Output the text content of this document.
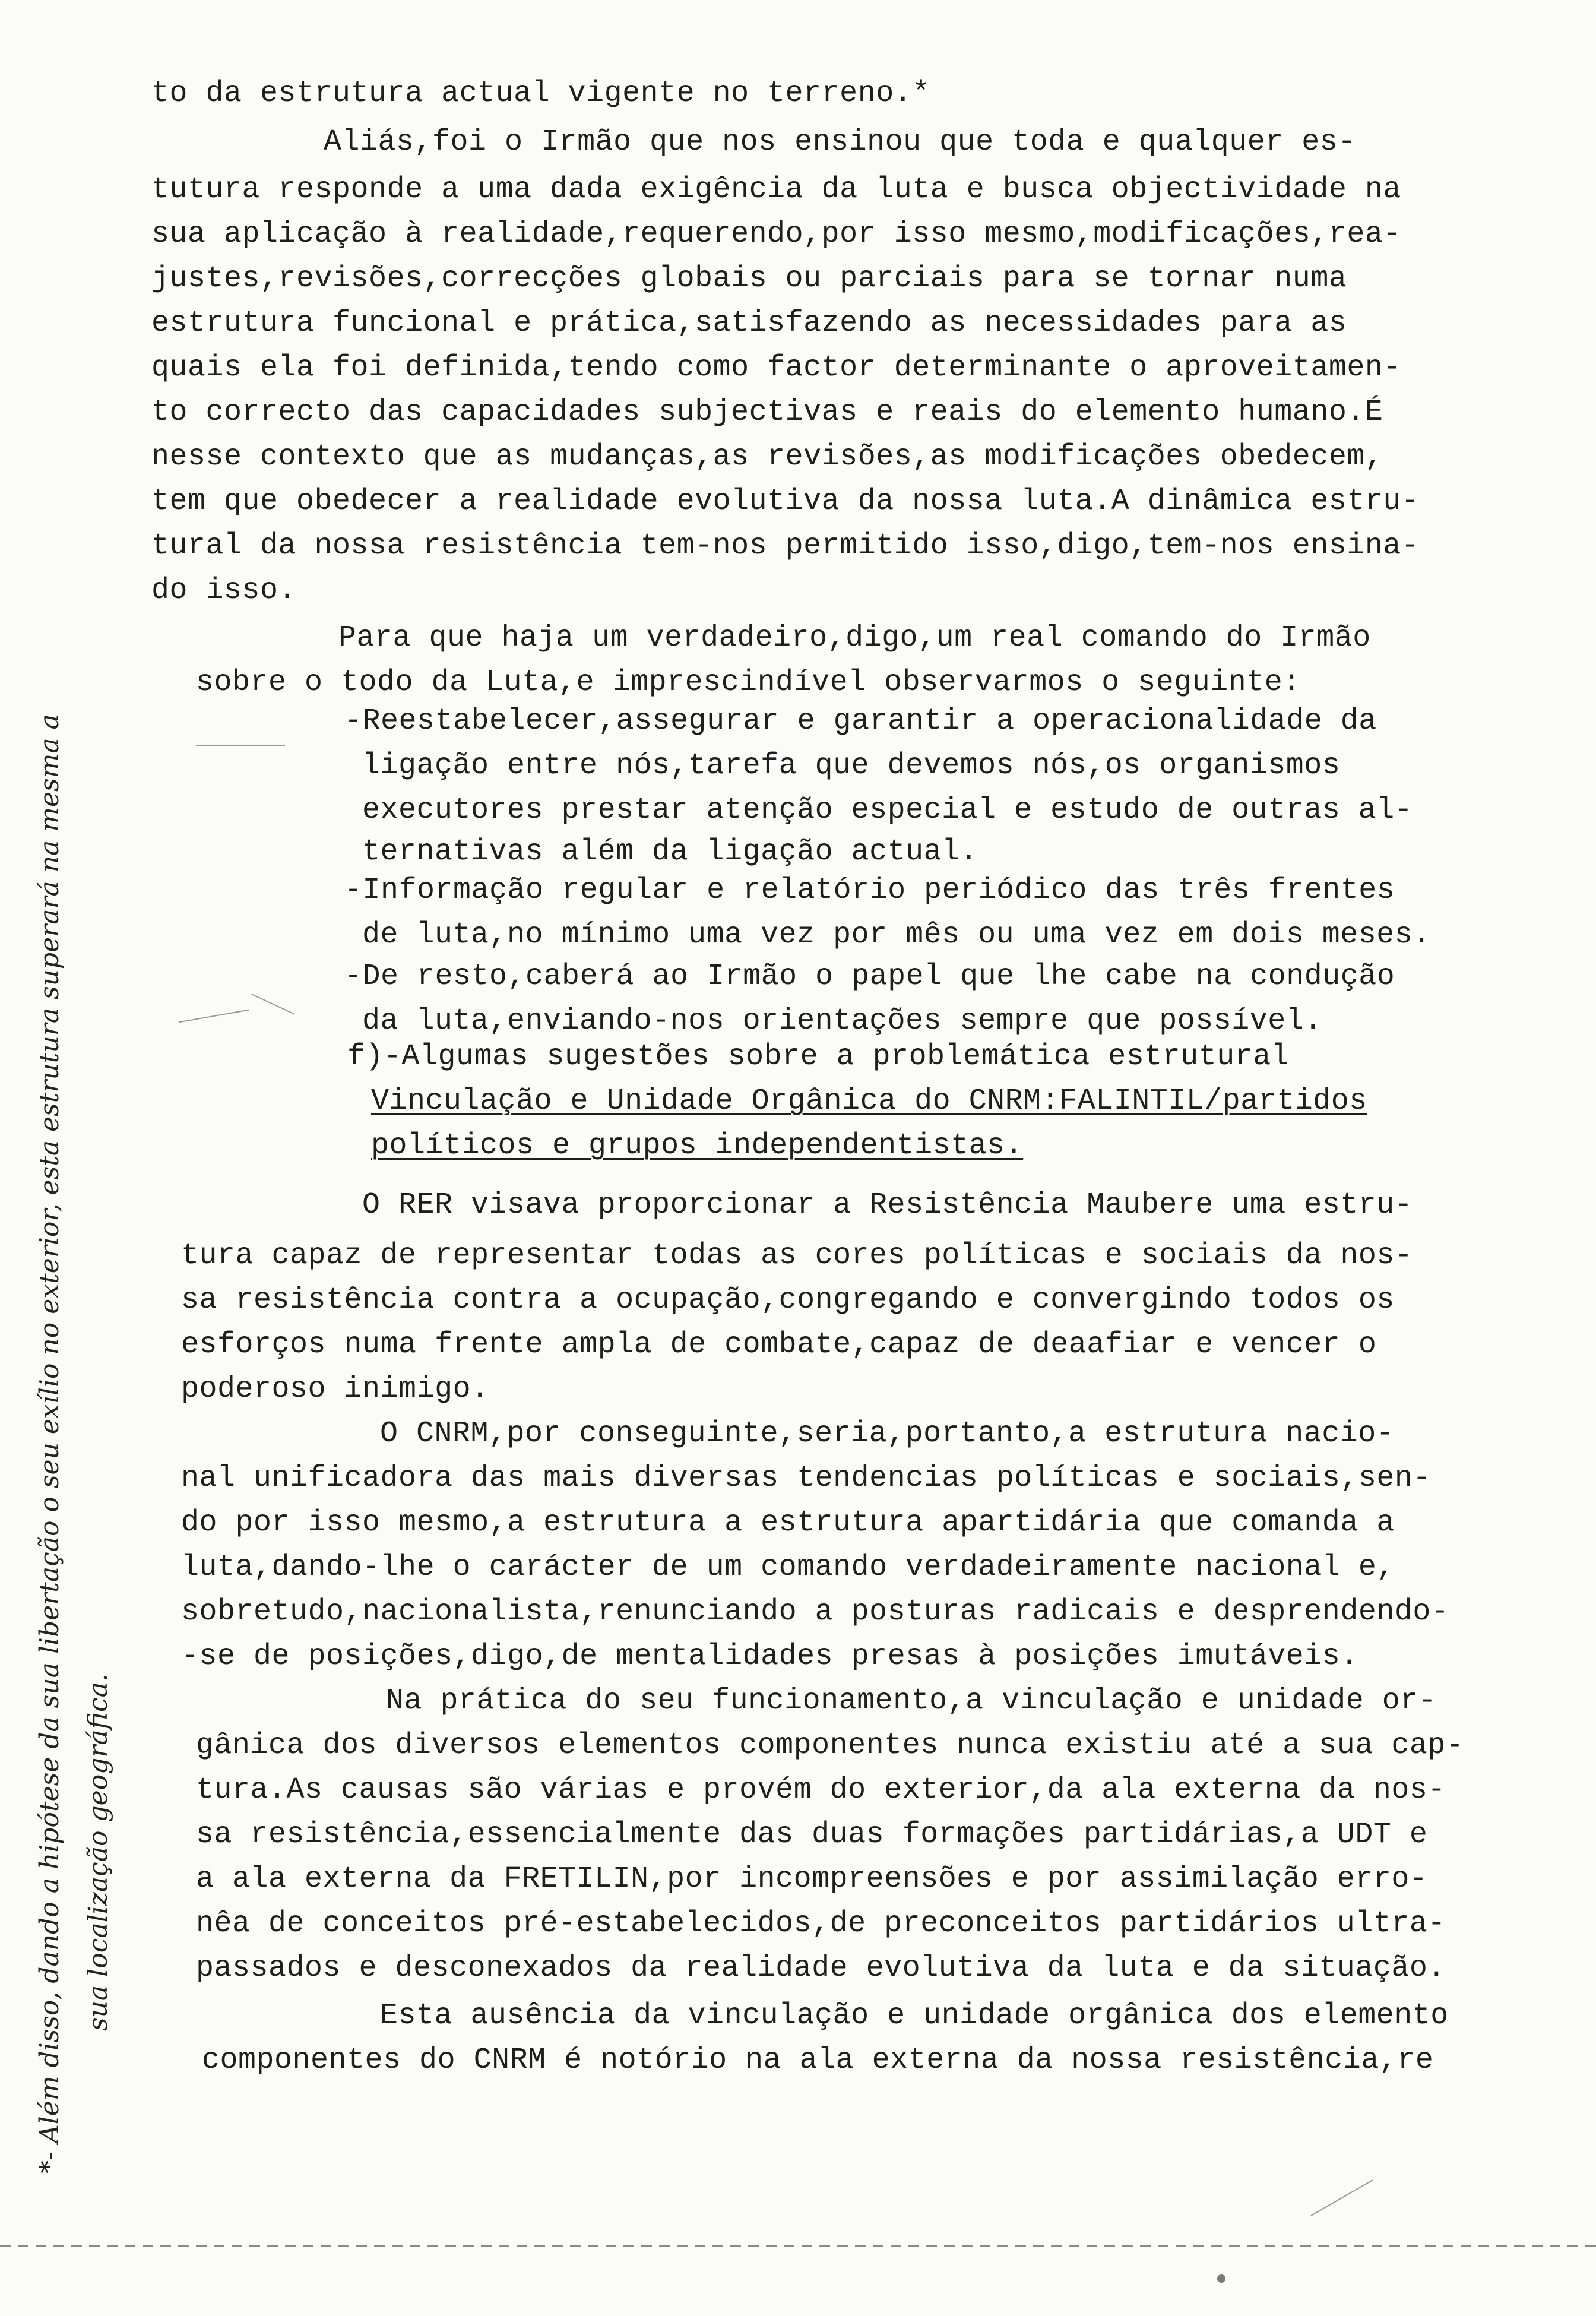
*- Além disso, dando a hipótese da sua libertação o seu exílio no exterior, esta estrutura superará na mesma a sua localização geográfica.
to da estrutura actual vigente no terreno.*
Aliás,foi o Irmão que nos ensinou que toda e qualquer es-
tutura responde a uma dada exigência da luta e busca objectividade na
sua aplicação à realidade,requerendo,por isso mesmo,modificações,rea-
justes,revisões,correcções globais ou parciais para se tornar numa
estrutura funcional e prática,satisfazendo as necessidades para as
quais ela foi definida,tendo como factor determinante o aproveitamen-
to correcto das capacidades subjectivas e reais do elemento humano.É
nesse contexto que as mudanças,as revisões,as modificações obedecem,
tem que obedecer a realidade evolutiva da nossa luta.A dinâmica estru-
tural da nossa resistência tem-nos permitido isso,digo,tem-nos ensina-
do isso.
Para que haja um verdadeiro,digo,um real comando do Irmão
sobre o todo da Luta,e imprescindível observarmos o seguinte:
-Reestabelecer,assegurar e garantir a operacionalidade da
ligação entre nós,tarefa que devemos nós,os organismos
executores prestar atenção especial e estudo de outras al-
ternativas além da ligação actual.
-Informação regular e relatório periódico das três frentes
de luta,no mínimo uma vez por mês ou uma vez em dois meses.
-De resto,caberá ao Irmão o papel que lhe cabe na condução
da luta,enviando-nos orientações sempre que possível.
f)-Algumas sugestões sobre a problemática estrutural
Vinculação e Unidade Orgânica do CNRM:FALINTIL/partidos
políticos e grupos independentistas.
O RER visava proporcionar a Resistência Maubere uma estru-
tura capaz de representar todas as cores políticas e sociais da nos-
sa resistência contra a ocupação,congregando e convergindo todos os
esforços numa frente ampla de combate,capaz de deaafiar e vencer o
poderoso inimigo.
O CNRM,por conseguinte,seria,portanto,a estrutura nacio-
nal unificadora das mais diversas tendencias políticas e sociais,sen-
do por isso mesmo,a estrutura a estrutura apartidária que comanda a
luta,dando-lhe o carácter de um comando verdadeiramente nacional e,
sobretudo,nacionalista,renunciando a posturas radicais e desprendendo-
-se de posições,digo,de mentalidades presas à posições imutáveis.
Na prática do seu funcionamento,a vinculação e unidade or-
gânica dos diversos elementos componentes nunca existiu até a sua cap-
tura.As causas são várias e provém do exterior,da ala externa da nos-
sa resistência,essencialmente das duas formações partidárias,a UDT e
a ala externa da FRETILIN,por incompreensões e por assimilação erro-
nêa de conceitos pré-estabelecidos,de preconceitos partidários ultra-
passados e desconexados da realidade evolutiva da luta e da situação.
Esta ausência da vinculação e unidade orgânica dos elemento
componentes do CNRM é notório na ala externa da nossa resistência,re
